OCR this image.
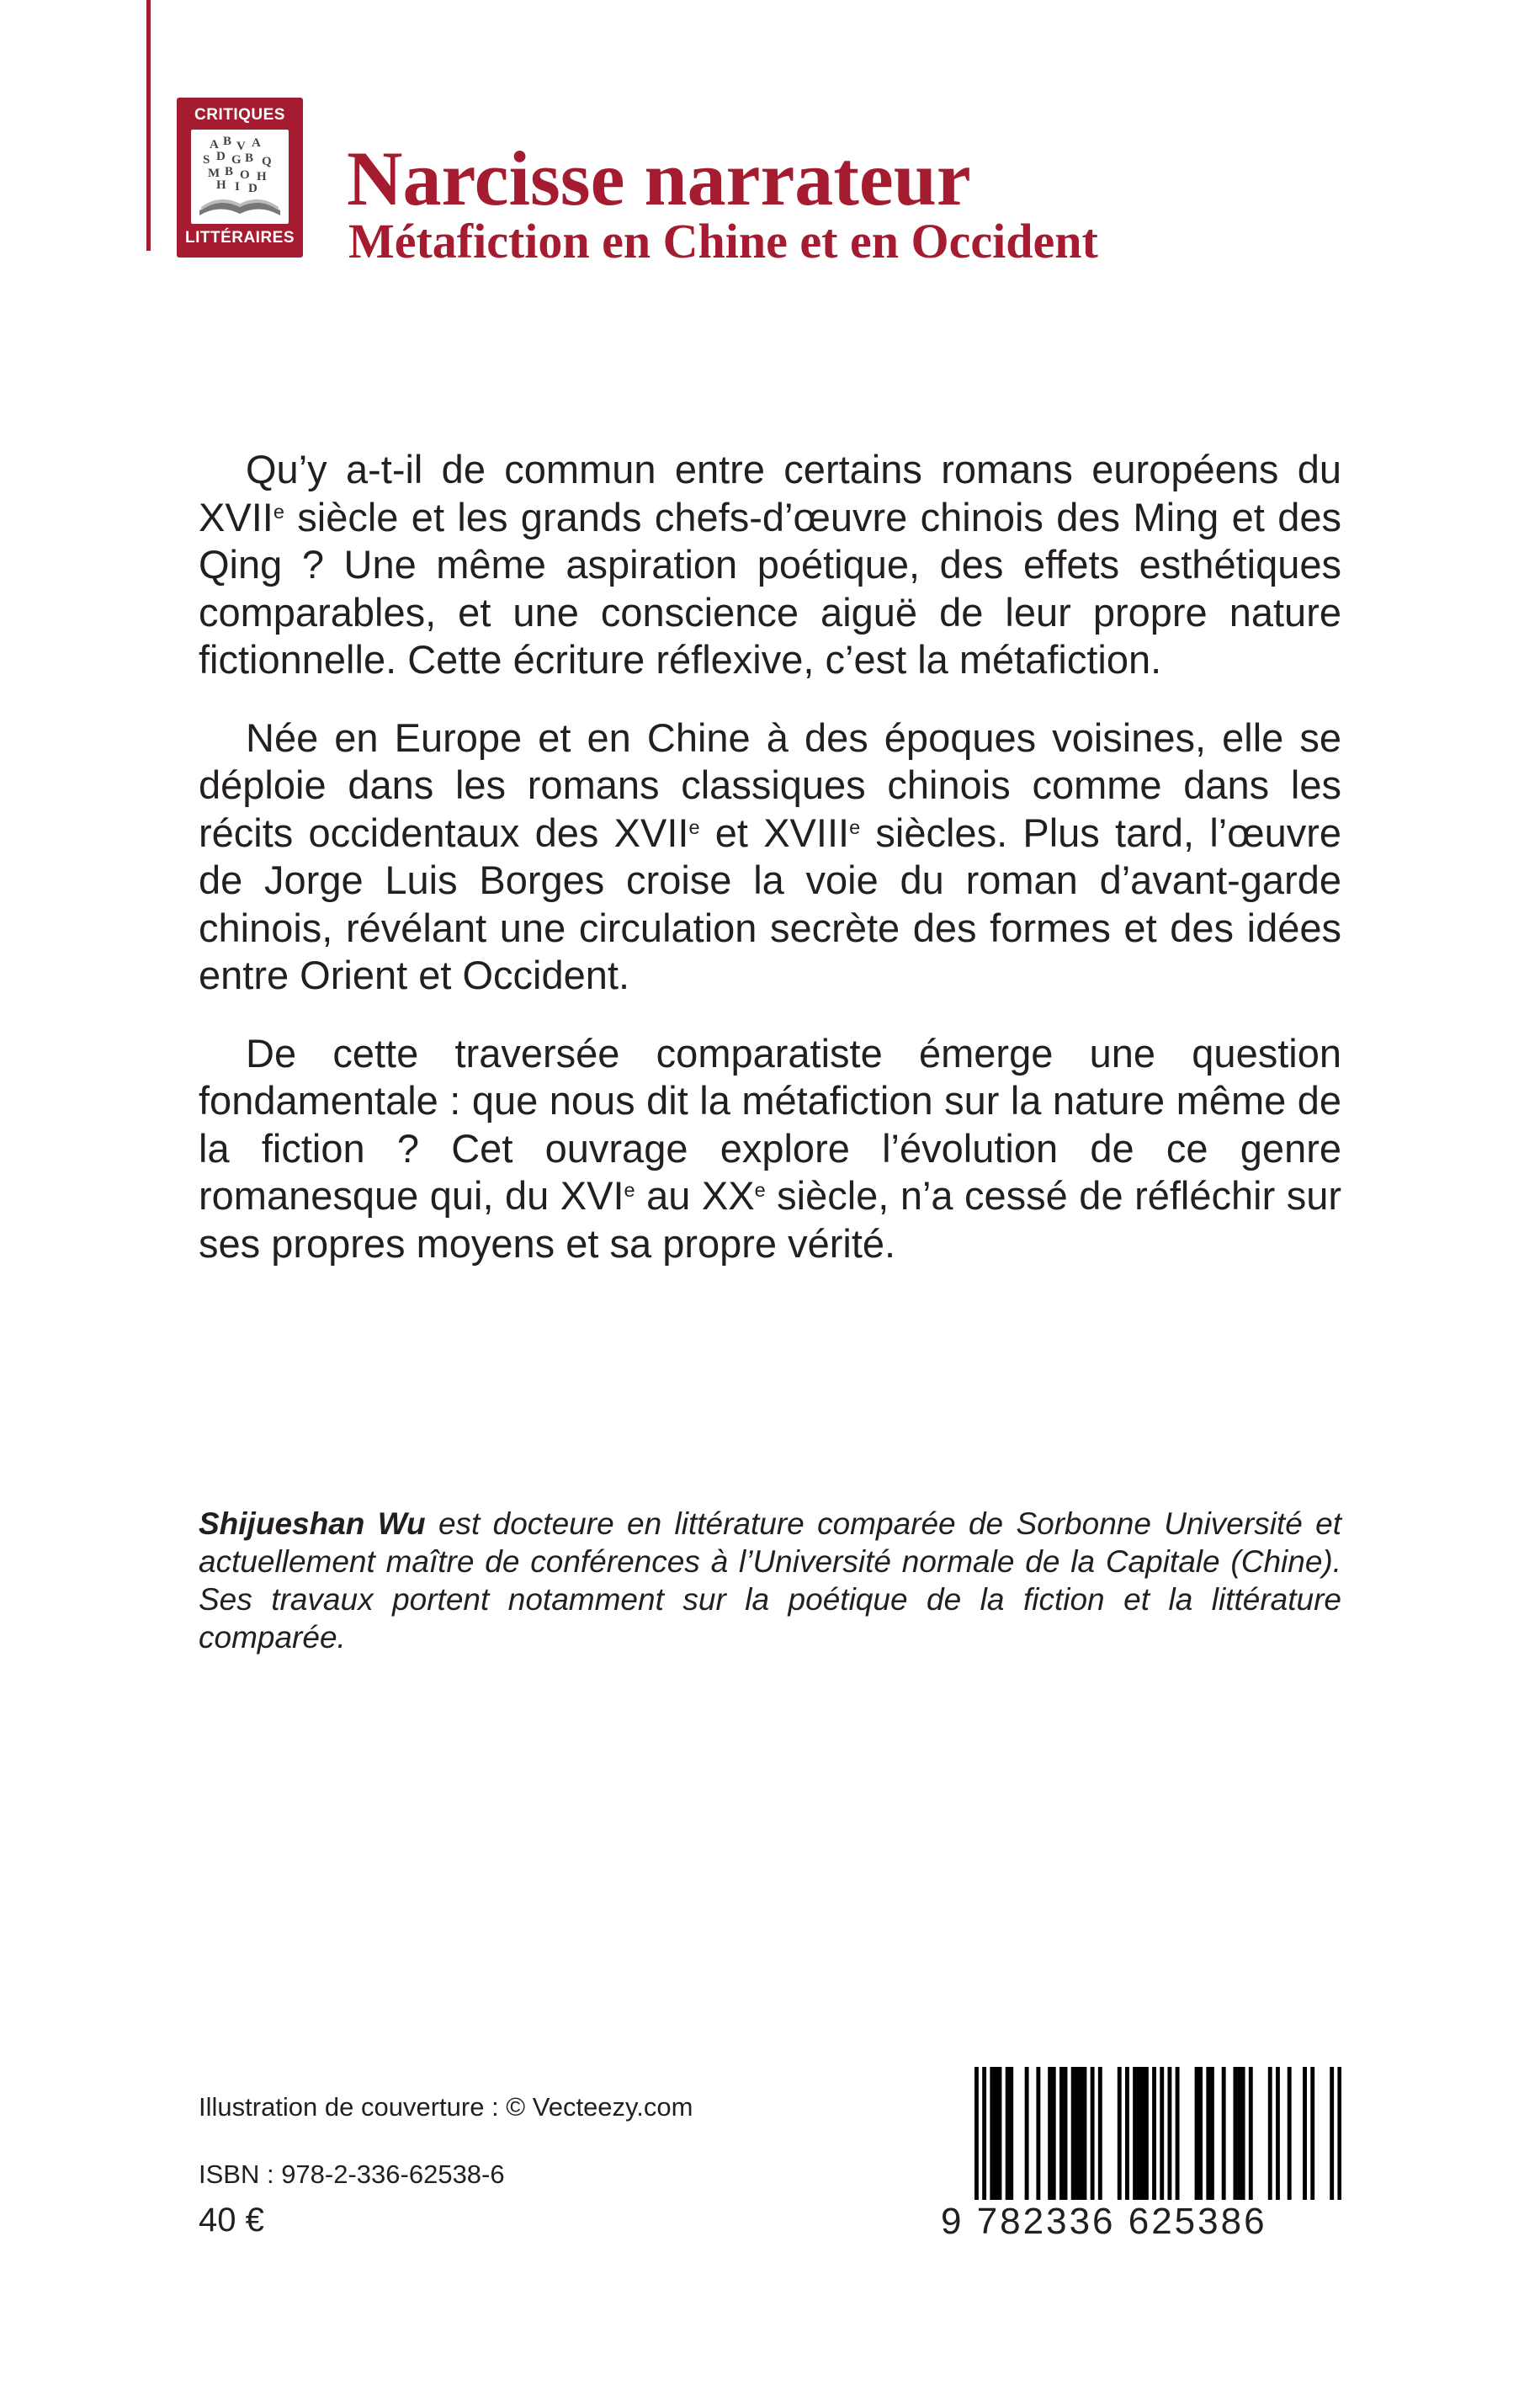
CRITIQUES
A B V A
S D G B Q
M B O H
H I D
LITTÉRAIRES
Narcisse narrateur
Métafiction en Chine et en Occident

Qu’y a-t-il de commun entre certains romans européens du XVIIe siècle et les grands chefs-d’œuvre chinois des Ming et des Qing ? Une même aspiration poétique, des effets esthétiques comparables, et une conscience aiguë de leur propre nature fictionnelle. Cette écriture réflexive, c’est la métafiction.

Née en Europe et en Chine à des époques voisines, elle se déploie dans les romans classiques chinois comme dans les récits occidentaux des XVIIe et XVIIIe siècles. Plus tard, l’œuvre de Jorge Luis Borges croise la voie du roman d’avant-garde chinois, révélant une circulation secrète des formes et des idées entre Orient et Occident.

De cette traversée comparatiste émerge une question fondamentale : que nous dit la métafiction sur la nature même de la fiction ? Cet ouvrage explore l’évolution de ce genre romanesque qui, du XVIe au XXe siècle, n’a cessé de réfléchir sur ses propres moyens et sa propre vérité.

Shijueshan Wu est docteure en littérature comparée de Sorbonne Université et actuellement maître de conférences à l’Université normale de la Capitale (Chine). Ses travaux portent notamment sur la poétique de la fiction et la littérature comparée.

Illustration de couverture : © Vecteezy.com

ISBN : 978-2-336-62538-6

40 €	9 782336 625386
